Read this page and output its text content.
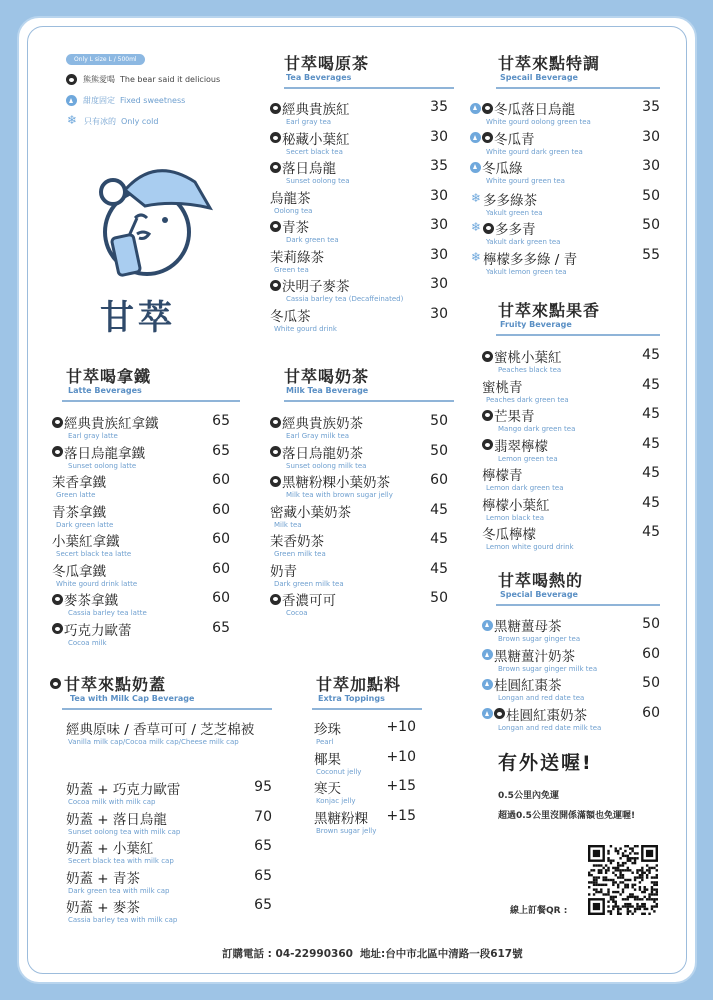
Only L size L / 500ml
熊熊愛喝 The bear said it delicious
甜度固定 Fixed sweetness
❄ 只有冰的 Only cold
甘萃
甘萃喝原茶
Tea Beverages
經典貴族紅
Earl gray tea
35
秘藏小葉紅
Secert black tea
30
落日烏龍
Sunset oolong tea
35
烏龍茶
Oolong tea
30
青茶
Dark green tea
30
茉莉綠茶
Green tea
30
決明子麥茶
Cassia barley tea (Decaffeinated)
30
冬瓜茶
White gourd drink
30
甘萃來點特調
Specail Beverage
冬瓜落日烏龍
White gourd oolong green tea
35
冬瓜青
White gourd dark green tea
30
冬瓜綠
White gourd green tea
30
❄ 多多綠茶
Yakult green tea
50
❄ 多多青
Yakult dark green tea
50
❄ 檸檬多多綠 / 青
Yakult lemon green tea
55
甘萃來點果香
Fruity Beverage
蜜桃小葉紅
Peaches black tea
45
蜜桃青
Peaches dark green tea
45
芒果青
Mango dark green tea
45
翡翠檸檬
Lemon green tea
45
檸檬青
Lemon dark green tea
45
檸檬小葉紅
Lemon black tea
45
冬瓜檸檬
Lemon white gourd drink
45
甘萃喝拿鐵
Latte Beverages
經典貴族紅拿鐵
Earl gray latte
65
落日烏龍拿鐵
Sunset oolong latte
65
茉香拿鐵
Green latte
60
青茶拿鐵
Dark green latte
60
小葉紅拿鐵
Secert black tea latte
60
冬瓜拿鐵
White gourd drink latte
60
麥茶拿鐵
Cassia barley tea latte
60
巧克力歐蕾
Cocoa milk
65
甘萃喝奶茶
Milk Tea Beverage
經典貴族奶茶
Earl Gray milk tea
50
落日烏龍奶茶
Sunset oolong milk tea
50
黑糖粉粿小葉奶茶
Milk tea with brown sugar jelly
60
密藏小葉奶茶
Milk tea
45
茉香奶茶
Green milk tea
45
奶青
Dark green milk tea
45
香濃可可
Cocoa
50
甘萃喝熱的
Special Beverage
黑糖薑母茶
Brown sugar ginger tea
50
黑糖薑汁奶茶
Brown sugar ginger milk tea
60
桂圓紅棗茶
Longan and red date tea
50
桂圓紅棗奶茶
Longan and red date milk tea
60
甘萃來點奶蓋
Tea with Milk Cap Beverage
經典原味 / 香草可可 / 芝芝棉被
Vanilla milk cap/Cocoa milk cap/Cheese milk cap
奶蓋 + 巧克力歐雷
Cocoa milk with milk cap
95
奶蓋 + 落日烏龍
Sunset oolong tea with milk cap
70
奶蓋 + 小葉紅
Secert black tea with milk cap
65
奶蓋 + 青茶
Dark green tea with milk cap
65
奶蓋 + 麥茶
Cassia barley tea with milk cap
65
甘萃加點料
Extra Toppings
珍珠
Pearl
+10
椰果
Coconut jelly
+10
寒天
Konjac jelly
+15
黑糖粉粿
Brown sugar jelly
+15
有外送喔!
0.5公里內免運
超過0.5公里沒開係滿額也免運喔!
線上訂餐QR :
訂購電話 : 04-22990360 地址:台中市北區中清路一段617號
